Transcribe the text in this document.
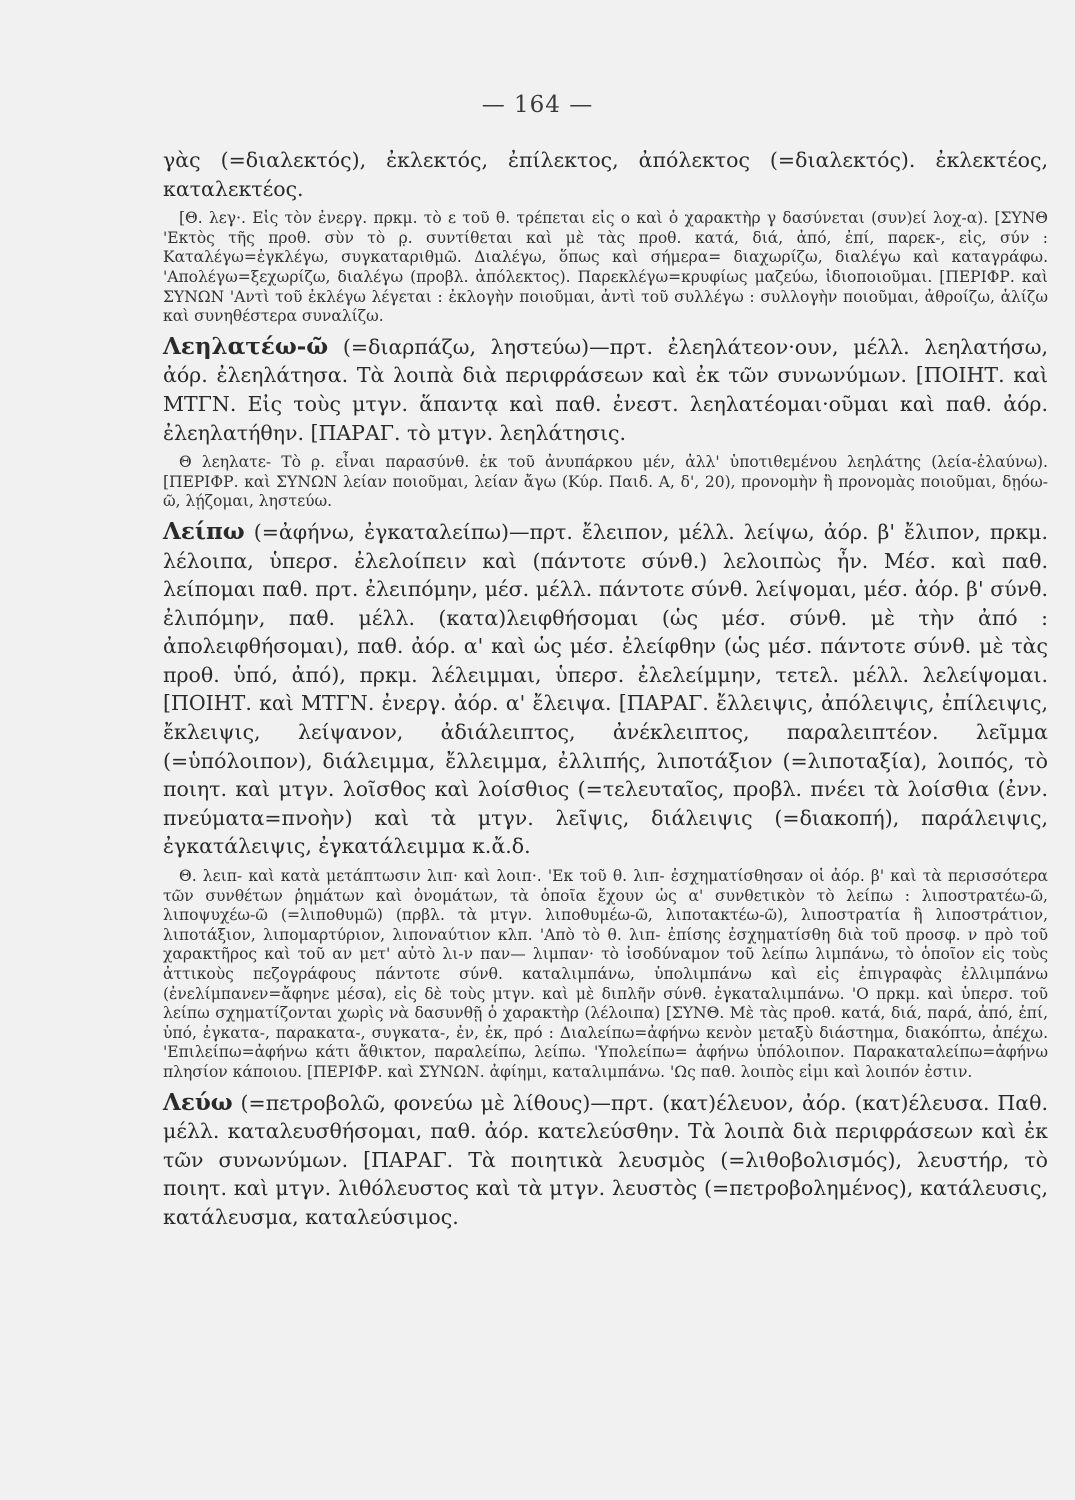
— 164 —

γὰς (=διαλεκτός), ἐκλεκτός, ἐπίλεκτος, ἀπόλεκτος (=διαλεκτός). ἐκλεκτέος, καταλεκτέος.

[Θ. λεγ·. Εἰς τὸν ἐνεργ. πρκμ. τὸ ε τοῦ θ. τρέπεται εἰς ο καὶ ὁ χαρακτὴρ γ δασύνεται (συν)εί λοχ-α). [ΣΥΝΘ 'Εκτὸς τῆς προθ. σὺν τὸ ρ̣. συντίθεται καὶ μὲ τὰς προθ. κατά, διά, ἀπό, ἐπί, παρεκ-, εἰς, σύν : Καταλέγω=ἐγκλέγω, συγκαταριθμῶ. Διαλέγω, ὅπως καὶ σήμερα= διαχωρίζω, διαλέγω καὶ καταγράφω. 'Απολέγω=ξεχωρίζω, διαλέγω (προβλ. ἀπόλεκτος). Παρεκλέγω=κρυφίως μαζεύω, ἰδιοποιοῦμαι. [ΠΕΡΙΦΡ. καὶ ΣΥΝΩΝ 'Αντὶ τοῦ ἐκλέγω λέγεται : ἐκλογὴν ποιοῦμαι, ἀντὶ τοῦ συλλέγω : συλλογὴν ποιοῦμαι, ἀθροίζω, ἁλίζω καὶ συνηθέστερα συναλίζω.

Λεηλατέω-ῶ (=διαρπάζω, ληστεύω)—πρτ. ἐλεηλάτεον·ουν, μέλλ. λεηλατήσω, ἀόρ. ἐλεηλάτησα. Τὰ λοιπὰ διὰ περιφράσεων καὶ ἐκ τῶν συνωνύμων. [ΠΟΙΗΤ. καὶ ΜΤΓΝ. Εἰς τοὺς μτγν. ἅπαντᾳ καὶ παθ. ἐνεστ. λεηλατέομαι·οῦμαι καὶ παθ. ἀόρ. ἐλεηλατήθην. [ΠΑΡΑΓ. τὸ μτγν. λεηλάτησις.

Θ λεηλατε- Τὸ ρ̣. εἶναι παρασύνθ. ἐκ τοῦ ἀνυπάρκου μέν, ἀλλ' ὑποτιθεμένου λεηλάτης (λεία-ἐλαύνω). [ΠΕΡΙΦΡ. καὶ ΣΥΝΩΝ λείαν ποιοῦμαι, λείαν ἄγω (Κύρ. Παιδ. Α, δ', 20), προνομὴν ἢ προνομὰς ποιοῦμαι, δῃόω-ῶ, λῄζομαι, ληστεύω.

Λείπω (=ἀφήνω, ἐγκαταλείπω)—πρτ. ἔλειπον, μέλλ. λείψω, ἀόρ. β' ἔλιπον, πρκμ. λέλοιπα, ὑπερσ. ἐλελοίπειν καὶ (πάντοτε σύνθ.) λελοιπὼς ἦν. Μέσ. καὶ παθ. λείπομαι παθ. πρτ. ἐλειπόμην, μέσ. μέλλ. πάντοτε σύνθ. λείψομαι, μέσ. ἀόρ. β' σύνθ. ἐλιπόμην, παθ. μέλλ. (κατα)λειφθήσομαι (ὡς μέσ. σύνθ. μὲ τὴν ἀπό : ἀπολειφθήσομαι), παθ. ἀόρ. α' καὶ ὡς μέσ. ἐλείφθην (ὡς μέσ. πάντοτε σύνθ. μὲ τὰς προθ. ὑπό, ἀπό), πρκμ. λέλειμμαι, ὑπερσ. ἐλελείμμην, τετελ. μέλλ. λελείψομαι. [ΠΟΙΗΤ. καὶ ΜΤΓΝ. ἐνεργ. ἀόρ. α' ἔλειψα. [ΠΑΡΑΓ. ἔλλειψις, ἀπόλειψις, ἐπίλειψις, ἔκλειψις, λείψανον, ἀδιάλειπτος, ἀνέκλειπτος, παραλειπτέον. λεῖμμα (=ὑπόλοιπον), διάλειμμα, ἔλλειμμα, ἐλλιπής, λιποτάξιον (=λιποταξία), λοιπός, τὸ ποιητ. καὶ μτγν. λοῖσθος καὶ λοίσθιος (=τελευταῖος, προβλ. πνέει τὰ λοίσθια (ἐνν. πνεύματα=πνοὴν) καὶ τὰ μτγν. λεῖψις, διάλειψις (=διακοπή), παράλειψις, ἐγκατάλειψις, ἐγκατάλειμμα κ.ἄ.δ.

Θ. λειπ- καὶ κατὰ μετάπτωσιν λιπ· καὶ λοιπ·. 'Εκ τοῦ θ. λιπ- ἐσχηματίσθησαν οἱ ἀόρ. β' καὶ τὰ περισσότερα τῶν συνθέτων ῥημάτων καὶ ὀνομάτων, τὰ ὁποῖα ἔχουν ὡς α' συνθετικὸν τὸ λείπω : λιποστρατέω-ῶ, λιποψυχέω-ῶ (=λιποθυμῶ) (πρβλ. τὰ μτγν. λιποθυμέω-ῶ, λιποτακτέω-ῶ), λιποστρατία ἢ λιποστράτιον, λιποτάξιον, λιπομαρτύριον, λιποναύτιον κλπ. 'Απὸ τὸ θ. λιπ- ἐπίσης ἐσχηματίσθη διὰ τοῦ προσφ. ν πρὸ τοῦ χαρακτῆρος καὶ τοῦ αν μετ' αὐτὸ λι-ν παν— λιμπαν· τὸ ἰσοδύναμον τοῦ λείπω λιμπάνω, τὸ ὁποῖον εἰς τοὺς ἀττικοὺς πεζογράφους πάντοτε σύνθ. καταλιμπάνω, ὑπολιμπάνω καὶ εἰς ἐπιγραφὰς ἐλλιμπάνω (ἐνελίμπανεν=ἄφηνε μέσα), εἰς δὲ τοὺς μτγν. καὶ μὲ διπλῆν σύνθ. ἐγκαταλιμπάνω. 'Ο πρκμ. καὶ ὑπερσ. τοῦ λείπω σχηματίζονται χωρὶς νὰ δασυνθῇ ὁ χαρακτὴρ (λέλοιπα) [ΣΥΝΘ. Μὲ τὰς προθ. κατά, διά, παρά, ἀπό, ἐπί, ὑπό, ἐγκατα-, παρακατα-, συγκατα-, ἐν, ἐκ, πρό : Διαλείπω=ἀφήνω κενὸν μεταξὺ διάστημα, διακόπτω, ἀπέχω. 'Επιλείπω=ἀφήνω κάτι ἄθικτον, παραλείπω, λείπω. 'Υπολείπω= ἀφήνω ὑπόλοιπον. Παρακαταλείπω=ἀφήνω πλησίον κάποιου. [ΠΕΡΙΦΡ. καὶ ΣΥΝΩΝ. ἀφίημι, καταλιμπάνω. 'Ως παθ. λοιπὸς εἰμι καὶ λοιπόν ἐστιν.

Λεύω (=πετροβολῶ, φονεύω μὲ λίθους)—πρτ. (κατ)έλευον, ἀόρ. (κατ)έλευσα. Παθ. μέλλ. καταλευσθήσομαι, παθ. ἀόρ. κατελεύσθην. Τὰ λοιπὰ διὰ περιφράσεων καὶ ἐκ τῶν συνωνύμων. [ΠΑΡΑΓ. Τὰ ποιητικὰ λευσμὸς (=λιθοβολισμός), λευστήρ, τὸ ποιητ. καὶ μτγν. λιθόλευστος καὶ τὰ μτγν. λευστὸς (=πετροβολημένος), κατάλευσις, κατάλευσμα, καταλεύσιμος.
